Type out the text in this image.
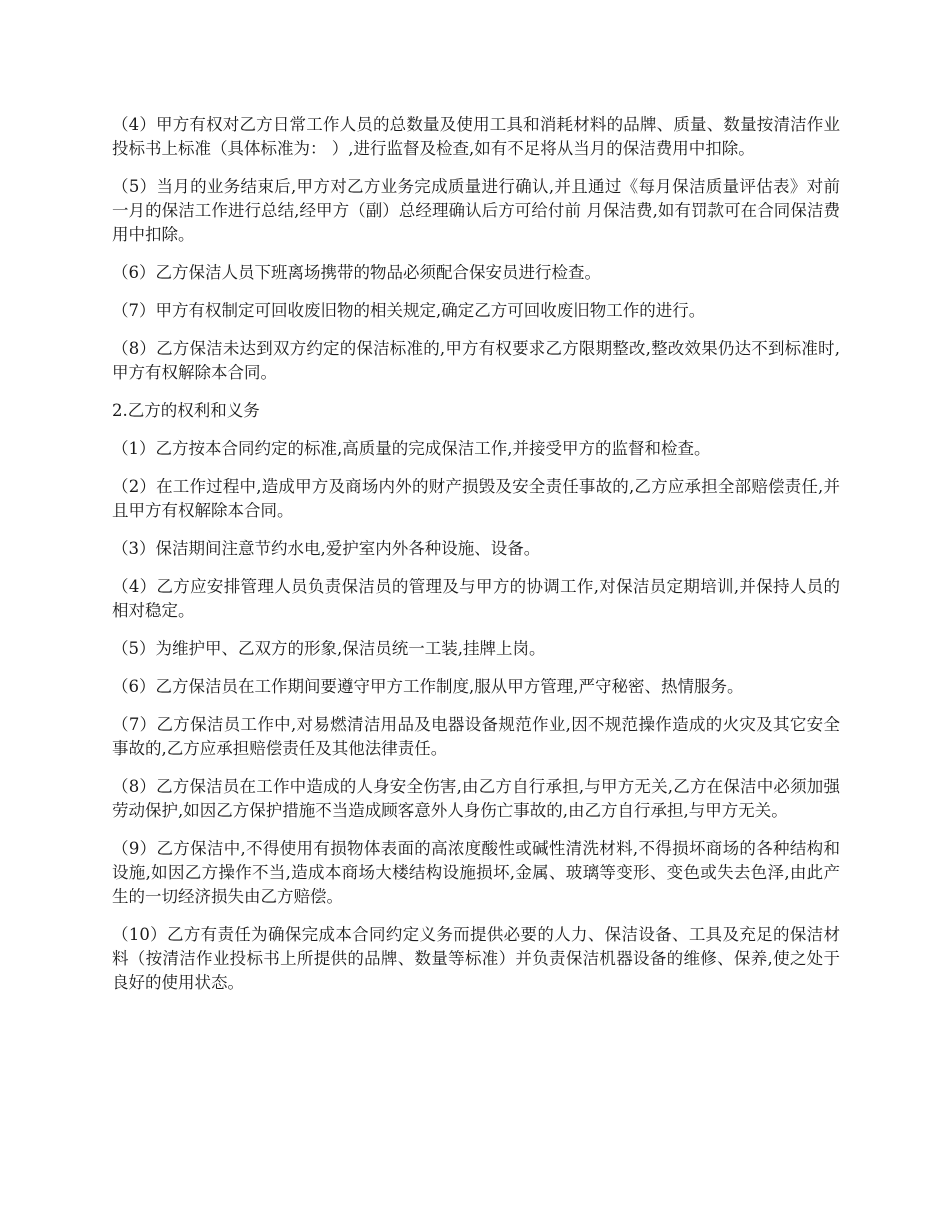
（4）甲方有权对乙方日常工作人员的总数量及使用工具和消耗材料的品牌、质量、数量按清洁作业投标书上标准（具体标准为： ）,进行监督及检查,如有不足将从当月的保洁费用中扣除。

（5）当月的业务结束后,甲方对乙方业务完成质量进行确认,并且通过《每月保洁质量评估表》对前一月的保洁工作进行总结,经甲方（副）总经理确认后方可给付前 月保洁费,如有罚款可在合同保洁费用中扣除。

（6）乙方保洁人员下班离场携带的物品必须配合保安员进行检查。

（7）甲方有权制定可回收废旧物的相关规定,确定乙方可回收废旧物工作的进行。

（8）乙方保洁未达到双方约定的保洁标准的,甲方有权要求乙方限期整改,整改效果仍达不到标准时,甲方有权解除本合同。

2.乙方的权利和义务

（1）乙方按本合同约定的标准,高质量的完成保洁工作,并接受甲方的监督和检查。

（2）在工作过程中,造成甲方及商场内外的财产损毁及安全责任事故的,乙方应承担全部赔偿责任,并且甲方有权解除本合同。

（3）保洁期间注意节约水电,爱护室内外各种设施、设备。

（4）乙方应安排管理人员负责保洁员的管理及与甲方的协调工作,对保洁员定期培训,并保持人员的相对稳定。

（5）为维护甲、乙双方的形象,保洁员统一工装,挂牌上岗。

（6）乙方保洁员在工作期间要遵守甲方工作制度,服从甲方管理,严守秘密、热情服务。

（7）乙方保洁员工作中,对易燃清洁用品及电器设备规范作业,因不规范操作造成的火灾及其它安全事故的,乙方应承担赔偿责任及其他法律责任。

（8）乙方保洁员在工作中造成的人身安全伤害,由乙方自行承担,与甲方无关,乙方在保洁中必须加强劳动保护,如因乙方保护措施不当造成顾客意外人身伤亡事故的,由乙方自行承担,与甲方无关。

（9）乙方保洁中,不得使用有损物体表面的高浓度酸性或碱性清洗材料,不得损坏商场的各种结构和设施,如因乙方操作不当,造成本商场大楼结构设施损坏,金属、玻璃等变形、变色或失去色泽,由此产生的一切经济损失由乙方赔偿。

（10）乙方有责任为确保完成本合同约定义务而提供必要的人力、保洁设备、工具及充足的保洁材料（按清洁作业投标书上所提供的品牌、数量等标准）并负责保洁机器设备的维修、保养,使之处于良好的使用状态。
